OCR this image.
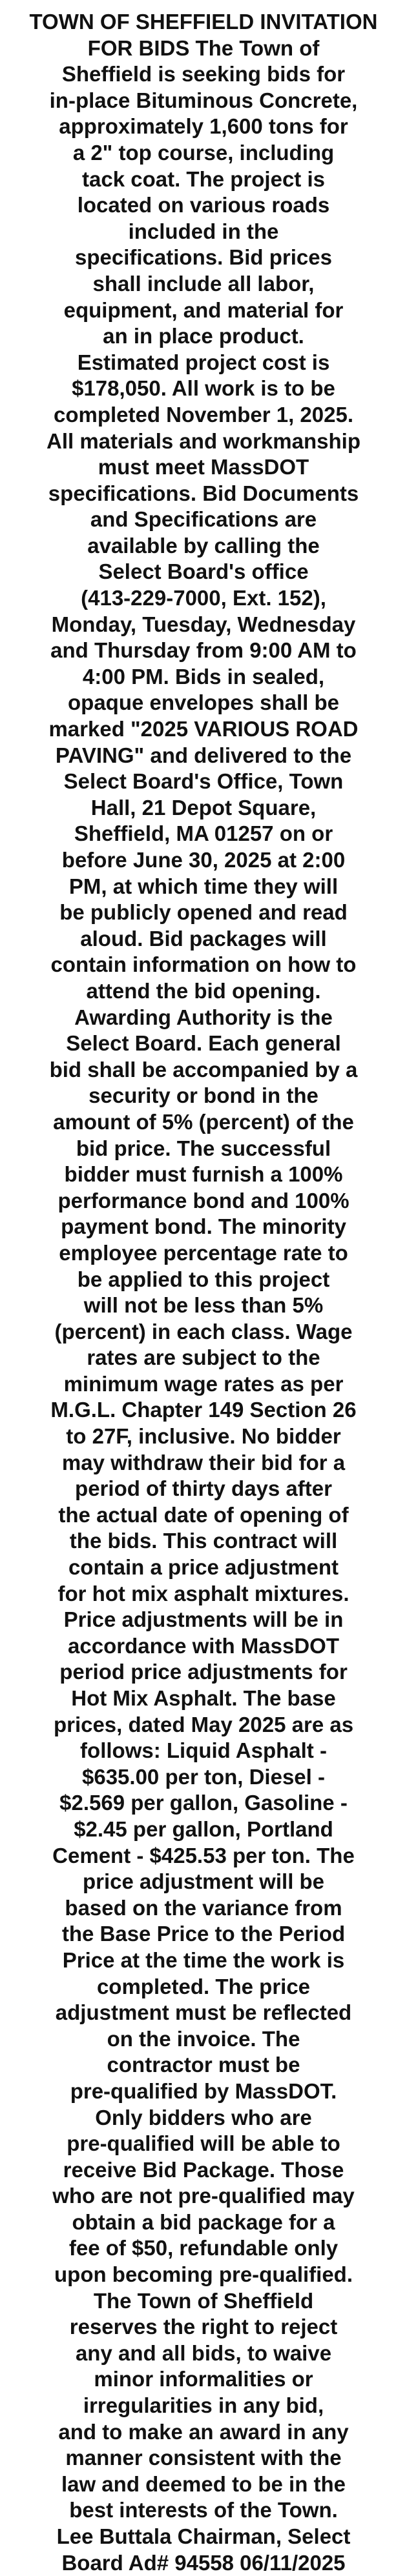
TOWN OF SHEFFIELD INVITATION
FOR BIDS The Town of
Sheffield is seeking bids for
in-place Bituminous Concrete,
approximately 1,600 tons for
a 2" top course, including
tack coat. The project is
located on various roads
included in the
specifications. Bid prices
shall include all labor,
equipment, and material for
an in place product.
Estimated project cost is
$178,050. All work is to be
completed November 1, 2025.
All materials and workmanship
must meet MassDOT
specifications. Bid Documents
and Specifications are
available by calling the
Select Board's office
(413-229-7000, Ext. 152),
Monday, Tuesday, Wednesday
and Thursday from 9:00 AM to
4:00 PM. Bids in sealed,
opaque envelopes shall be
marked "2025 VARIOUS ROAD
PAVING" and delivered to the
Select Board's Office, Town
Hall, 21 Depot Square,
Sheffield, MA 01257 on or
before June 30, 2025 at 2:00
PM, at which time they will
be publicly opened and read
aloud. Bid packages will
contain information on how to
attend the bid opening.
Awarding Authority is the
Select Board. Each general
bid shall be accompanied by a
security or bond in the
amount of 5% (percent) of the
bid price. The successful
bidder must furnish a 100%
performance bond and 100%
payment bond. The minority
employee percentage rate to
be applied to this project
will not be less than 5%
(percent) in each class. Wage
rates are subject to the
minimum wage rates as per
M.G.L. Chapter 149 Section 26
to 27F, inclusive. No bidder
may withdraw their bid for a
period of thirty days after
the actual date of opening of
the bids. This contract will
contain a price adjustment
for hot mix asphalt mixtures.
Price adjustments will be in
accordance with MassDOT
period price adjustments for
Hot Mix Asphalt. The base
prices, dated May 2025 are as
follows: Liquid Asphalt -
$635.00 per ton, Diesel -
$2.569 per gallon, Gasoline -
$2.45 per gallon, Portland
Cement - $425.53 per ton. The
price adjustment will be
based on the variance from
the Base Price to the Period
Price at the time the work is
completed. The price
adjustment must be reflected
on the invoice. The
contractor must be
pre-qualified by MassDOT.
Only bidders who are
pre-qualified will be able to
receive Bid Package. Those
who are not pre-qualified may
obtain a bid package for a
fee of $50, refundable only
upon becoming pre-qualified.
The Town of Sheffield
reserves the right to reject
any and all bids, to waive
minor informalities or
irregularities in any bid,
and to make an award in any
manner consistent with the
law and deemed to be in the
best interests of the Town.
Lee Buttala Chairman, Select
Board Ad# 94558 06/11/2025
